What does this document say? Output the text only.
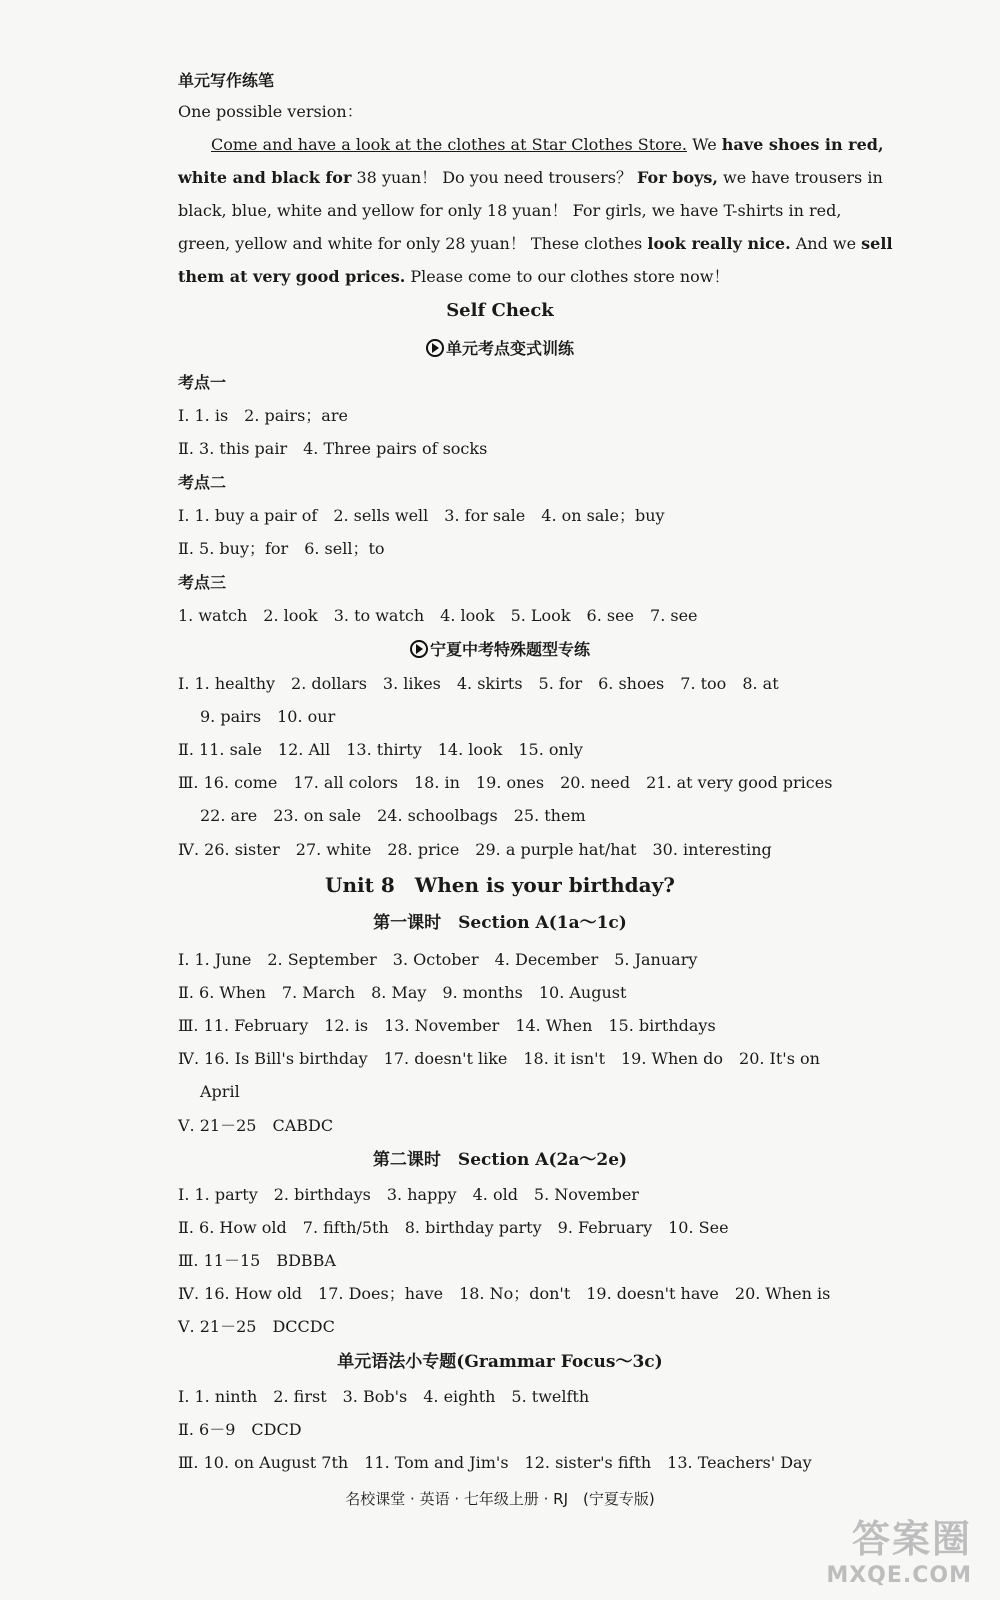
单元写作练笔
One possible version：
Come and have a look at the clothes at Star Clothes Store. We have shoes in red,
white and black for 38 yuan！ Do you need trousers？ For boys, we have trousers in
black, blue, white and yellow for only 18 yuan！ For girls, we have T-shirts in red,
green, yellow and white for only 28 yuan！ These clothes look really nice. And we sell
them at very good prices. Please come to our clothes store now！
Self Check
单元考点变式训练
考点一
Ⅰ. 1. is　2. pairs；are
Ⅱ. 3. this pair　4. Three pairs of socks
考点二
Ⅰ. 1. buy a pair of　2. sells well　3. for sale　4. on sale；buy
Ⅱ. 5. buy；for　6. sell；to
考点三
1. watch　2. look　3. to watch　4. look　5. Look　6. see　7. see
宁夏中考特殊题型专练
Ⅰ. 1. healthy　2. dollars　3. likes　4. skirts　5. for　6. shoes　7. too　8. at
9. pairs　10. our
Ⅱ. 11. sale　12. All　13. thirty　14. look　15. only
Ⅲ. 16. come　17. all colors　18. in　19. ones　20. need　21. at very good prices
22. are　23. on sale　24. schoolbags　25. them
Ⅳ. 26. sister　27. white　28. price　29. a purple hat/hat　30. interesting
Unit 8　When is your birthday?
第一课时　Section A(1a～1c)
Ⅰ. 1. June　2. September　3. October　4. December　5. January
Ⅱ. 6. When　7. March　8. May　9. months　10. August
Ⅲ. 11. February　12. is　13. November　14. When　15. birthdays
Ⅳ. 16. Is Bill's birthday　17. doesn't like　18. it isn't　19. When do　20. It's on
April
Ⅴ. 21－25　CABDC
第二课时　Section A(2a～2e)
Ⅰ. 1. party　2. birthdays　3. happy　4. old　5. November
Ⅱ. 6. How old　7. fifth/5th　8. birthday party　9. February　10. See
Ⅲ. 11－15　BDBBA
Ⅳ. 16. How old　17. Does；have　18. No；don't　19. doesn't have　20. When is
Ⅴ. 21－25　DCCDC
单元语法小专题(Grammar Focus～3c)
Ⅰ. 1. ninth　2. first　3. Bob's　4. eighth　5. twelfth
Ⅱ. 6－9　CDCD
Ⅲ. 10. on August 7th　11. Tom and Jim's　12. sister's fifth　13. Teachers' Day
名校课堂 · 英语 · 七年级上册 · RJ　(宁夏专版)
答案圈
MXQE.COM
